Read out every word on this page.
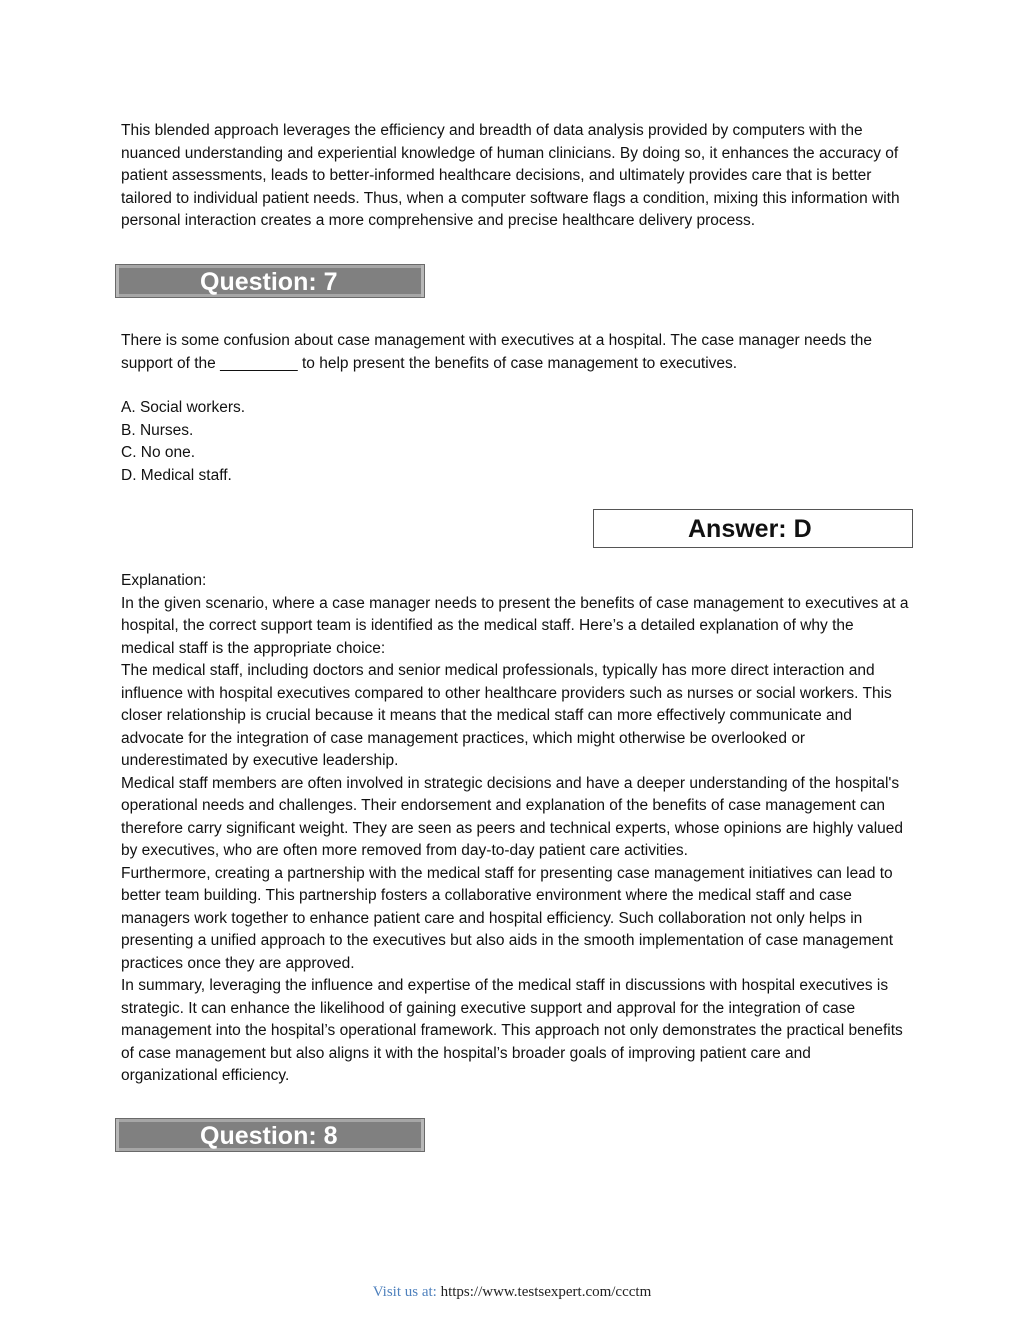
This blended approach leverages the efficiency and breadth of data analysis provided by computers with the nuanced understanding and experiential knowledge of human clinicians. By doing so, it enhances the accuracy of patient assessments, leads to better-informed healthcare decisions, and ultimately provides care that is better tailored to individual patient needs. Thus, when a computer software flags a condition, mixing this information with personal interaction creates a more comprehensive and precise healthcare delivery process.

Question: 7

There is some confusion about case management with executives at a hospital. The case manager needs the support of the _________ to help present the benefits of case management to executives.

A. Social workers.
B. Nurses.
C. No one.
D. Medical staff.
Answer: D

Explanation:

In the given scenario, where a case manager needs to present the benefits of case management to executives at a hospital, the correct support team is identified as the medical staff. Here’s a detailed explanation of why the medical staff is the appropriate choice:

The medical staff, including doctors and senior medical professionals, typically has more direct interaction and influence with hospital executives compared to other healthcare providers such as nurses or social workers. This closer relationship is crucial because it means that the medical staff can more effectively communicate and advocate for the integration of case management practices, which might otherwise be overlooked or underestimated by executive leadership.

Medical staff members are often involved in strategic decisions and have a deeper understanding of the hospital's operational needs and challenges. Their endorsement and explanation of the benefits of case management can therefore carry significant weight. They are seen as peers and technical experts, whose opinions are highly valued by executives, who are often more removed from day-to-day patient care activities.

Furthermore, creating a partnership with the medical staff for presenting case management initiatives can lead to better team building. This partnership fosters a collaborative environment where the medical staff and case managers work together to enhance patient care and hospital efficiency. Such collaboration not only helps in presenting a unified approach to the executives but also aids in the smooth implementation of case management practices once they are approved.

In summary, leveraging the influence and expertise of the medical staff in discussions with hospital executives is strategic. It can enhance the likelihood of gaining executive support and approval for the integration of case management into the hospital’s operational framework. This approach not only demonstrates the practical benefits of case management but also aligns it with the hospital’s broader goals of improving patient care and organizational efficiency.

Question: 8
Visit us at: https://www.testsexpert.com/ccctm
